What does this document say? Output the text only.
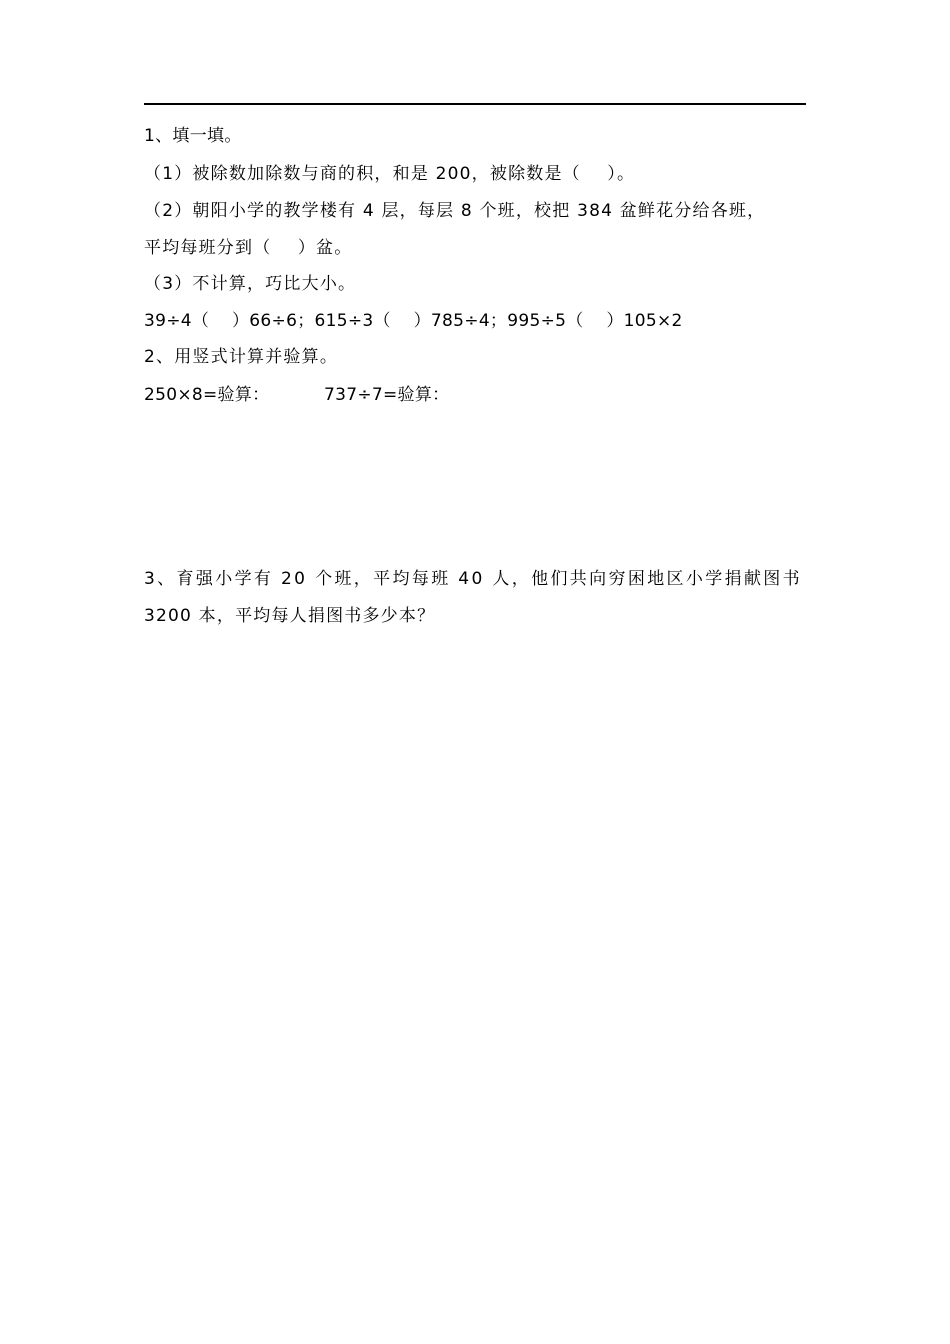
1、填一填。
（1）被除数加除数与商的积，和是 200，被除数是（    ）。
（2）朝阳小学的教学楼有 4 层，每层 8 个班，校把 384 盆鲜花分给各班，
平均每班分到（    ）盆。
（3）不计算，巧比大小。
39÷4（    ）66÷6；615÷3（    ）785÷4；995÷5（    ）105×2
2、用竖式计算并验算。
250×8=验算：	737÷7=验算：
3、育强小学有 20 个班，平均每班 40 人，他们共向穷困地区小学捐献图书
3200 本，平均每人捐图书多少本？
